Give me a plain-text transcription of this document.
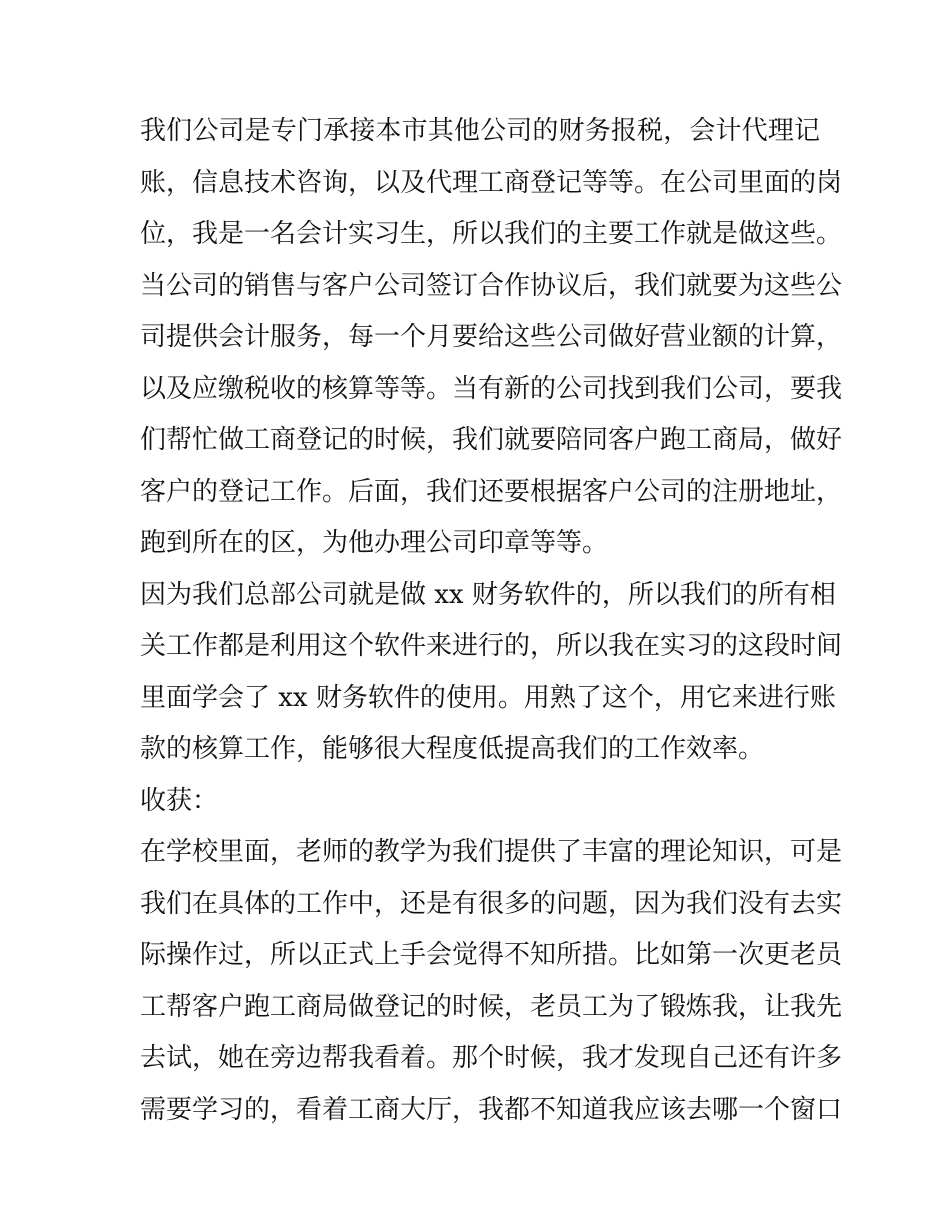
我们公司是专门承接本市其他公司的财务报税，会计代理记
账，信息技术咨询，以及代理工商登记等等。在公司里面的岗
位，我是一名会计实习生，所以我们的主要工作就是做这些。
当公司的销售与客户公司签订合作协议后，我们就要为这些公
司提供会计服务，每一个月要给这些公司做好营业额的计算，
以及应缴税收的核算等等。当有新的公司找到我们公司，要我
们帮忙做工商登记的时候，我们就要陪同客户跑工商局，做好
客户的登记工作。后面，我们还要根据客户公司的注册地址，
跑到所在的区，为他办理公司印章等等。
因为我们总部公司就是做 xx 财务软件的，所以我们的所有相
关工作都是利用这个软件来进行的，所以我在实习的这段时间
里面学会了 xx 财务软件的使用。用熟了这个，用它来进行账
款的核算工作，能够很大程度低提高我们的工作效率。
收获：
在学校里面，老师的教学为我们提供了丰富的理论知识，可是
我们在具体的工作中，还是有很多的问题，因为我们没有去实
际操作过，所以正式上手会觉得不知所措。比如第一次更老员
工帮客户跑工商局做登记的时候，老员工为了锻炼我，让我先
去试，她在旁边帮我看着。那个时候，我才发现自己还有许多
需要学习的，看着工商大厅，我都不知道我应该去哪一个窗口
